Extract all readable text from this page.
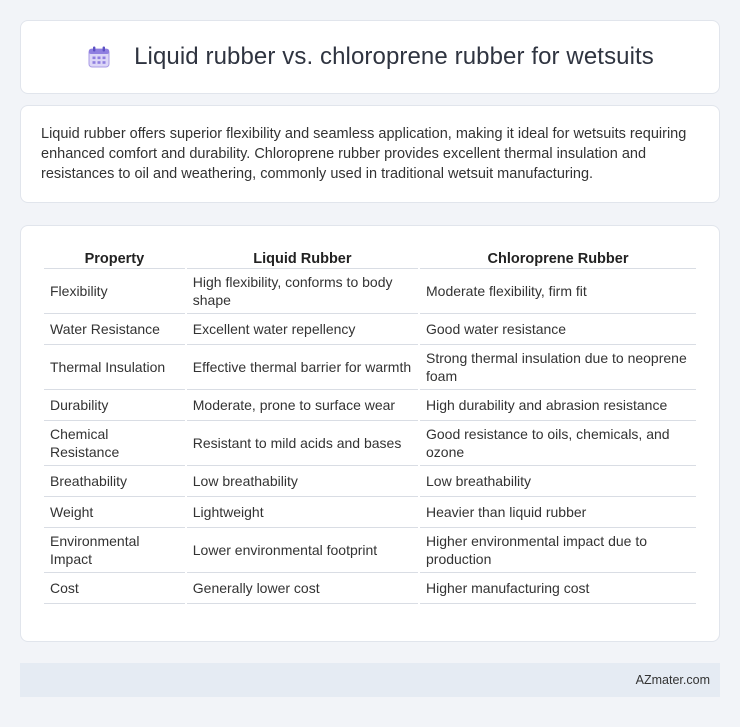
Liquid rubber vs. chloroprene rubber for wetsuits

Liquid rubber offers superior flexibility and seamless application, making it ideal for wetsuits requiring enhanced comfort and durability. Chloroprene rubber provides excellent thermal insulation and resistances to oil and weathering, commonly used in traditional wetsuit manufacturing.

Property	Liquid Rubber	Chloroprene Rubber
Flexibility	High flexibility, conforms to body shape	Moderate flexibility, firm fit
Water Resistance	Excellent water repellency	Good water resistance
Thermal Insulation	Effective thermal barrier for warmth	Strong thermal insulation due to neoprene foam
Durability	Moderate, prone to surface wear	High durability and abrasion resistance
Chemical Resistance	Resistant to mild acids and bases	Good resistance to oils, chemicals, and ozone
Breathability	Low breathability	Low breathability
Weight	Lightweight	Heavier than liquid rubber
Environmental Impact	Lower environmental footprint	Higher environmental impact due to production
Cost	Generally lower cost	Higher manufacturing cost
AZmater.com
